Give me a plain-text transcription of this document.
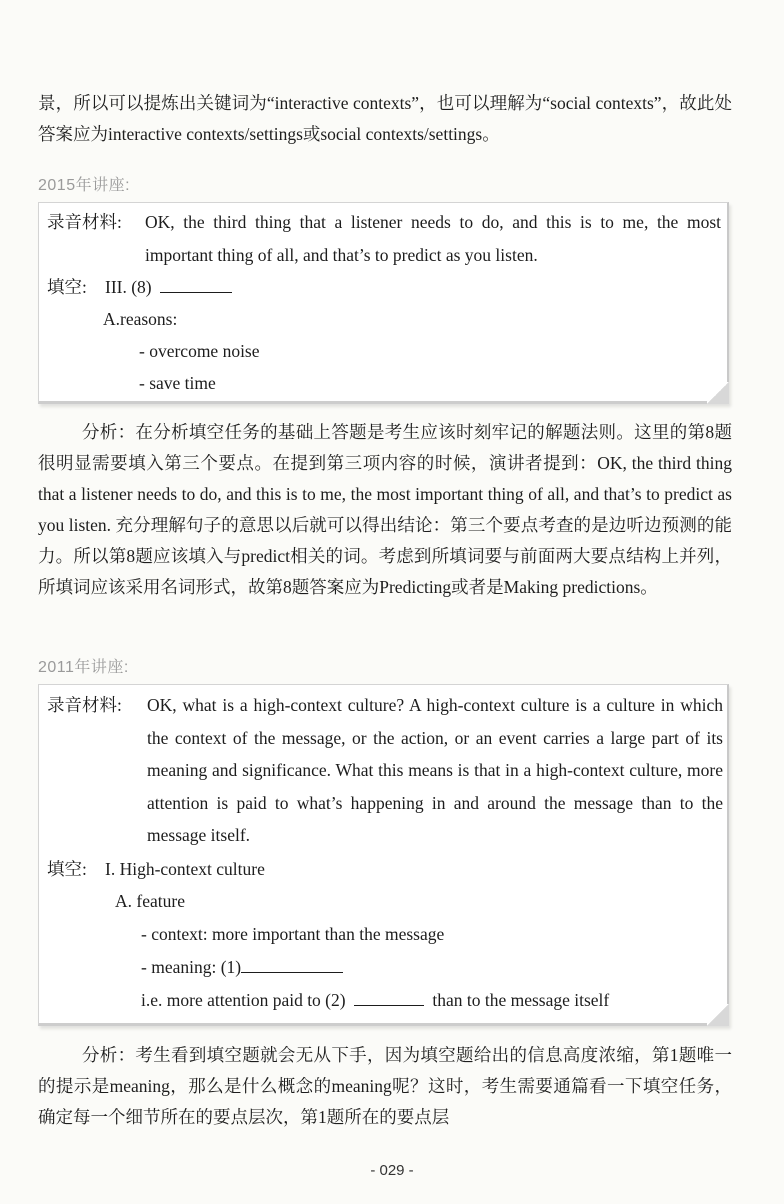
景，所以可以提炼出关键词为“interactive contexts”，也可以理解为“social contexts”，故此处答案应为interactive contexts/settings或social contexts/settings。

2015年讲座:
录音材料: OK, the third thing that a listener needs to do, and this is to me, the most important thing of all, and that’s to predict as you listen.

填空: III. (8)
A.reasons:
- overcome noise
- save time

分析：在分析填空任务的基础上答题是考生应该时刻牢记的解题法则。这里的第8题很明显需要填入第三个要点。在提到第三项内容的时候，演讲者提到：OK, the third thing that a listener needs to do, and this is to me, the most important thing of all, and that’s to predict as you listen. 充分理解句子的意思以后就可以得出结论：第三个要点考查的是边听边预测的能力。所以第8题应该填入与predict相关的词。考虑到所填词要与前面两大要点结构上并列，所填词应该采用名词形式，故第8题答案应为Predicting或者是Making predictions。

2011年讲座:
录音材料: OK, what is a high-context culture? A high-context culture is a culture in which the context of the message, or the action, or an event carries a large part of its meaning and significance. What this means is that in a high-context culture, more attention is paid to what’s happening in and around the message than to the message itself.

填空: I. High-context culture
A. feature
- context: more important than the message
- meaning: (1)
i.e. more attention paid to (2)	than to the message itself

分析：考生看到填空题就会无从下手，因为填空题给出的信息高度浓缩，第1题唯一的提示是meaning，那么是什么概念的meaning呢？这时，考生需要通篇看一下填空任务，确定每一个细节所在的要点层次，第1题所在的要点层

- 029 -
